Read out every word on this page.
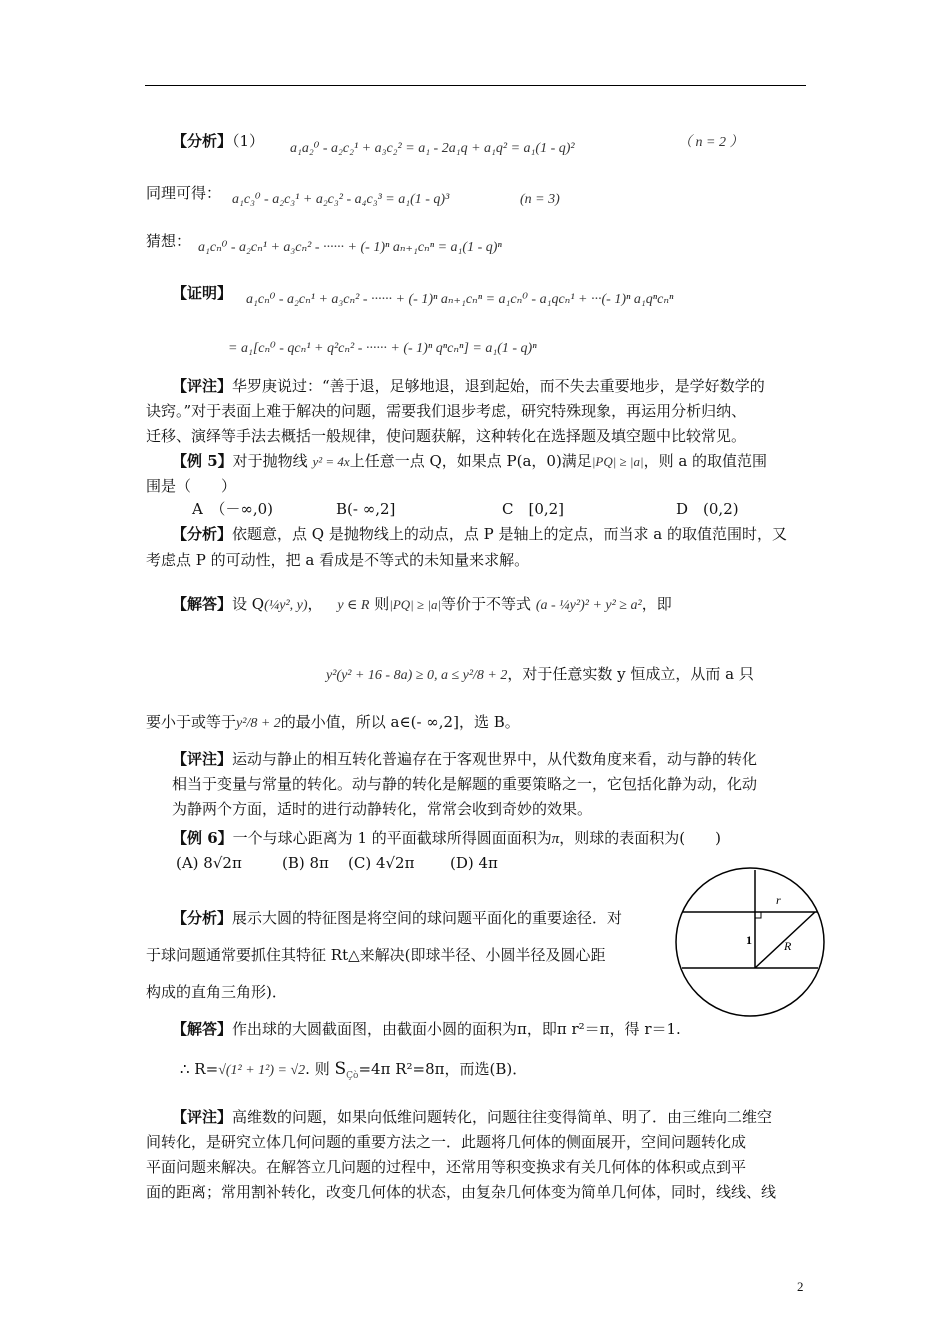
【分析】（1） a₁a₂⁰ - a₂c₂¹ + a₃c₂² = a₁ - 2a₁q + a₁q² = a₁(1 - q)²	（ n = 2 ）
同理可得： a₁c₃⁰ - a₂c₃¹ + a₂c₃² - a₄c₃³ = a₁(1 - q)³	(n = 3)
猜想： a₁cₙ⁰ - a₂cₙ¹ + a₃cₙ² - ······ + (- 1)ⁿ aₙ₊₁cₙⁿ = a₁(1 - q)ⁿ
【证明】 a₁cₙ⁰ - a₂cₙ¹ + a₃cₙ² - ······ + (- 1)ⁿ aₙ₊₁cₙⁿ = a₁cₙ⁰ - a₁qcₙ¹ + ···(- 1)ⁿ a₁qⁿcₙⁿ
= a₁[cₙ⁰ - qcₙ¹ + q²cₙ² - ······ + (- 1)ⁿ qⁿcₙⁿ] = a₁(1 - q)ⁿ
【评注】华罗庚说过：“善于退，足够地退，退到起始，而不失去重要地步，是学好数学的
诀窍。”对于表面上难于解决的问题，需要我们退步考虑，研究特殊现象，再运用分析归纳、
迁移、演绎等手法去概括一般规律，使问题获解，这种转化在选择题及填空题中比较常见。
【例 5】对于抛物线 y² = 4x上任意一点 Q，如果点 P(a，0)满足|PQ| ≥ |a|，则 a 的取值范围
围是（　　）
A　（－∞,0)	B(- ∞,2]	C　[0,2]	D　(0,2)
【分析】依题意，点 Q 是抛物线上的动点，点 P 是轴上的定点，而当求 a 的取值范围时，又
考虑点 P 的可动性，把 a 看成是不等式的未知量来求解。
【解答】设 Q(¼y², y)， y ∈ R 则|PQ| ≥ |a|等价于不等式 (a - ¼y²)² + y² ≥ a²，即
y²(y² + 16 - 8a) ≥ 0, a ≤ y²/8 + 2，对于任意实数 y 恒成立，从而 a 只
要小于或等于y²/8 + 2的最小值，所以 a∈(- ∞,2]，选 B。
【评注】运动与静止的相互转化普遍存在于客观世界中，从代数角度来看，动与静的转化
相当于变量与常量的转化。动与静的转化是解题的重要策略之一，它包括化静为动，化动
为静两个方面，适时的进行动静转化，常常会收到奇妙的效果。
【例 6】一个与球心距离为 1 的平面截球所得圆面面积为π，则球的表面积为(　　)
(A) 8√2π	(B) 8π (C) 4√2π (D) 4π
r
R
1
【分析】展示大圆的特征图是将空间的球问题平面化的重要途径．对
于球问题通常要抓住其特征 Rt△来解决(即球半径、小圆半径及圆心距
构成的直角三角形)．
【解答】作出球的大圆截面图，由截面小圆的面积为π，即π r²＝π，得 r＝1.
∴ R=√(1² + 1²) = √2. 则 $S_{Çò}=4\pi$ R²=8π，而选(B)．
【评注】高维数的问题，如果向低维问题转化，问题往往变得简单、明了．由三维向二维空
间转化，是研究立体几何问题的重要方法之一．此题将几何体的侧面展开，空间问题转化成
平面问题来解决。在解答立几问题的过程中，还常用等积变换求有关几何体的体积或点到平
面的距离；常用割补转化，改变几何体的状态，由复杂几何体变为简单几何体，同时，线线、线
2
